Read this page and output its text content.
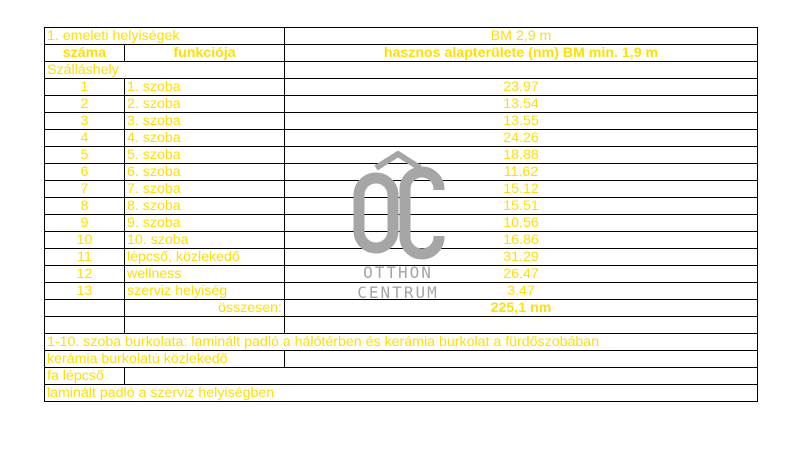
1. emeleti helyiségek		BM 2,9 m
száma	funkciója	hasznos alapterülete (nm) BM min. 1,9 m
Szálláshely		
1	1. szoba	23.97
2	2. szoba	13.54
3	3. szoba	13.55
4	4. szoba	24.26
5	5. szoba	18.88
6	6. szoba	11.62
7	7. szoba	15.12
8	8. szoba	15.51
9	9. szoba	10.56
10	10. szoba	16.86
11	lépcső, közlekedő	31.29
12	wellness	26.47
13	szerviz helyiség	3.47
	összesen:	225,1 nm

1-10. szoba burkolata: laminált padló a hálótérben és kerámia burkolat a fürdőszobában		
kerámia burkolatú közlekedő		
fa lépcső		
laminált padló a szerviz helyiségben		
OTTHON
CENTRUM
